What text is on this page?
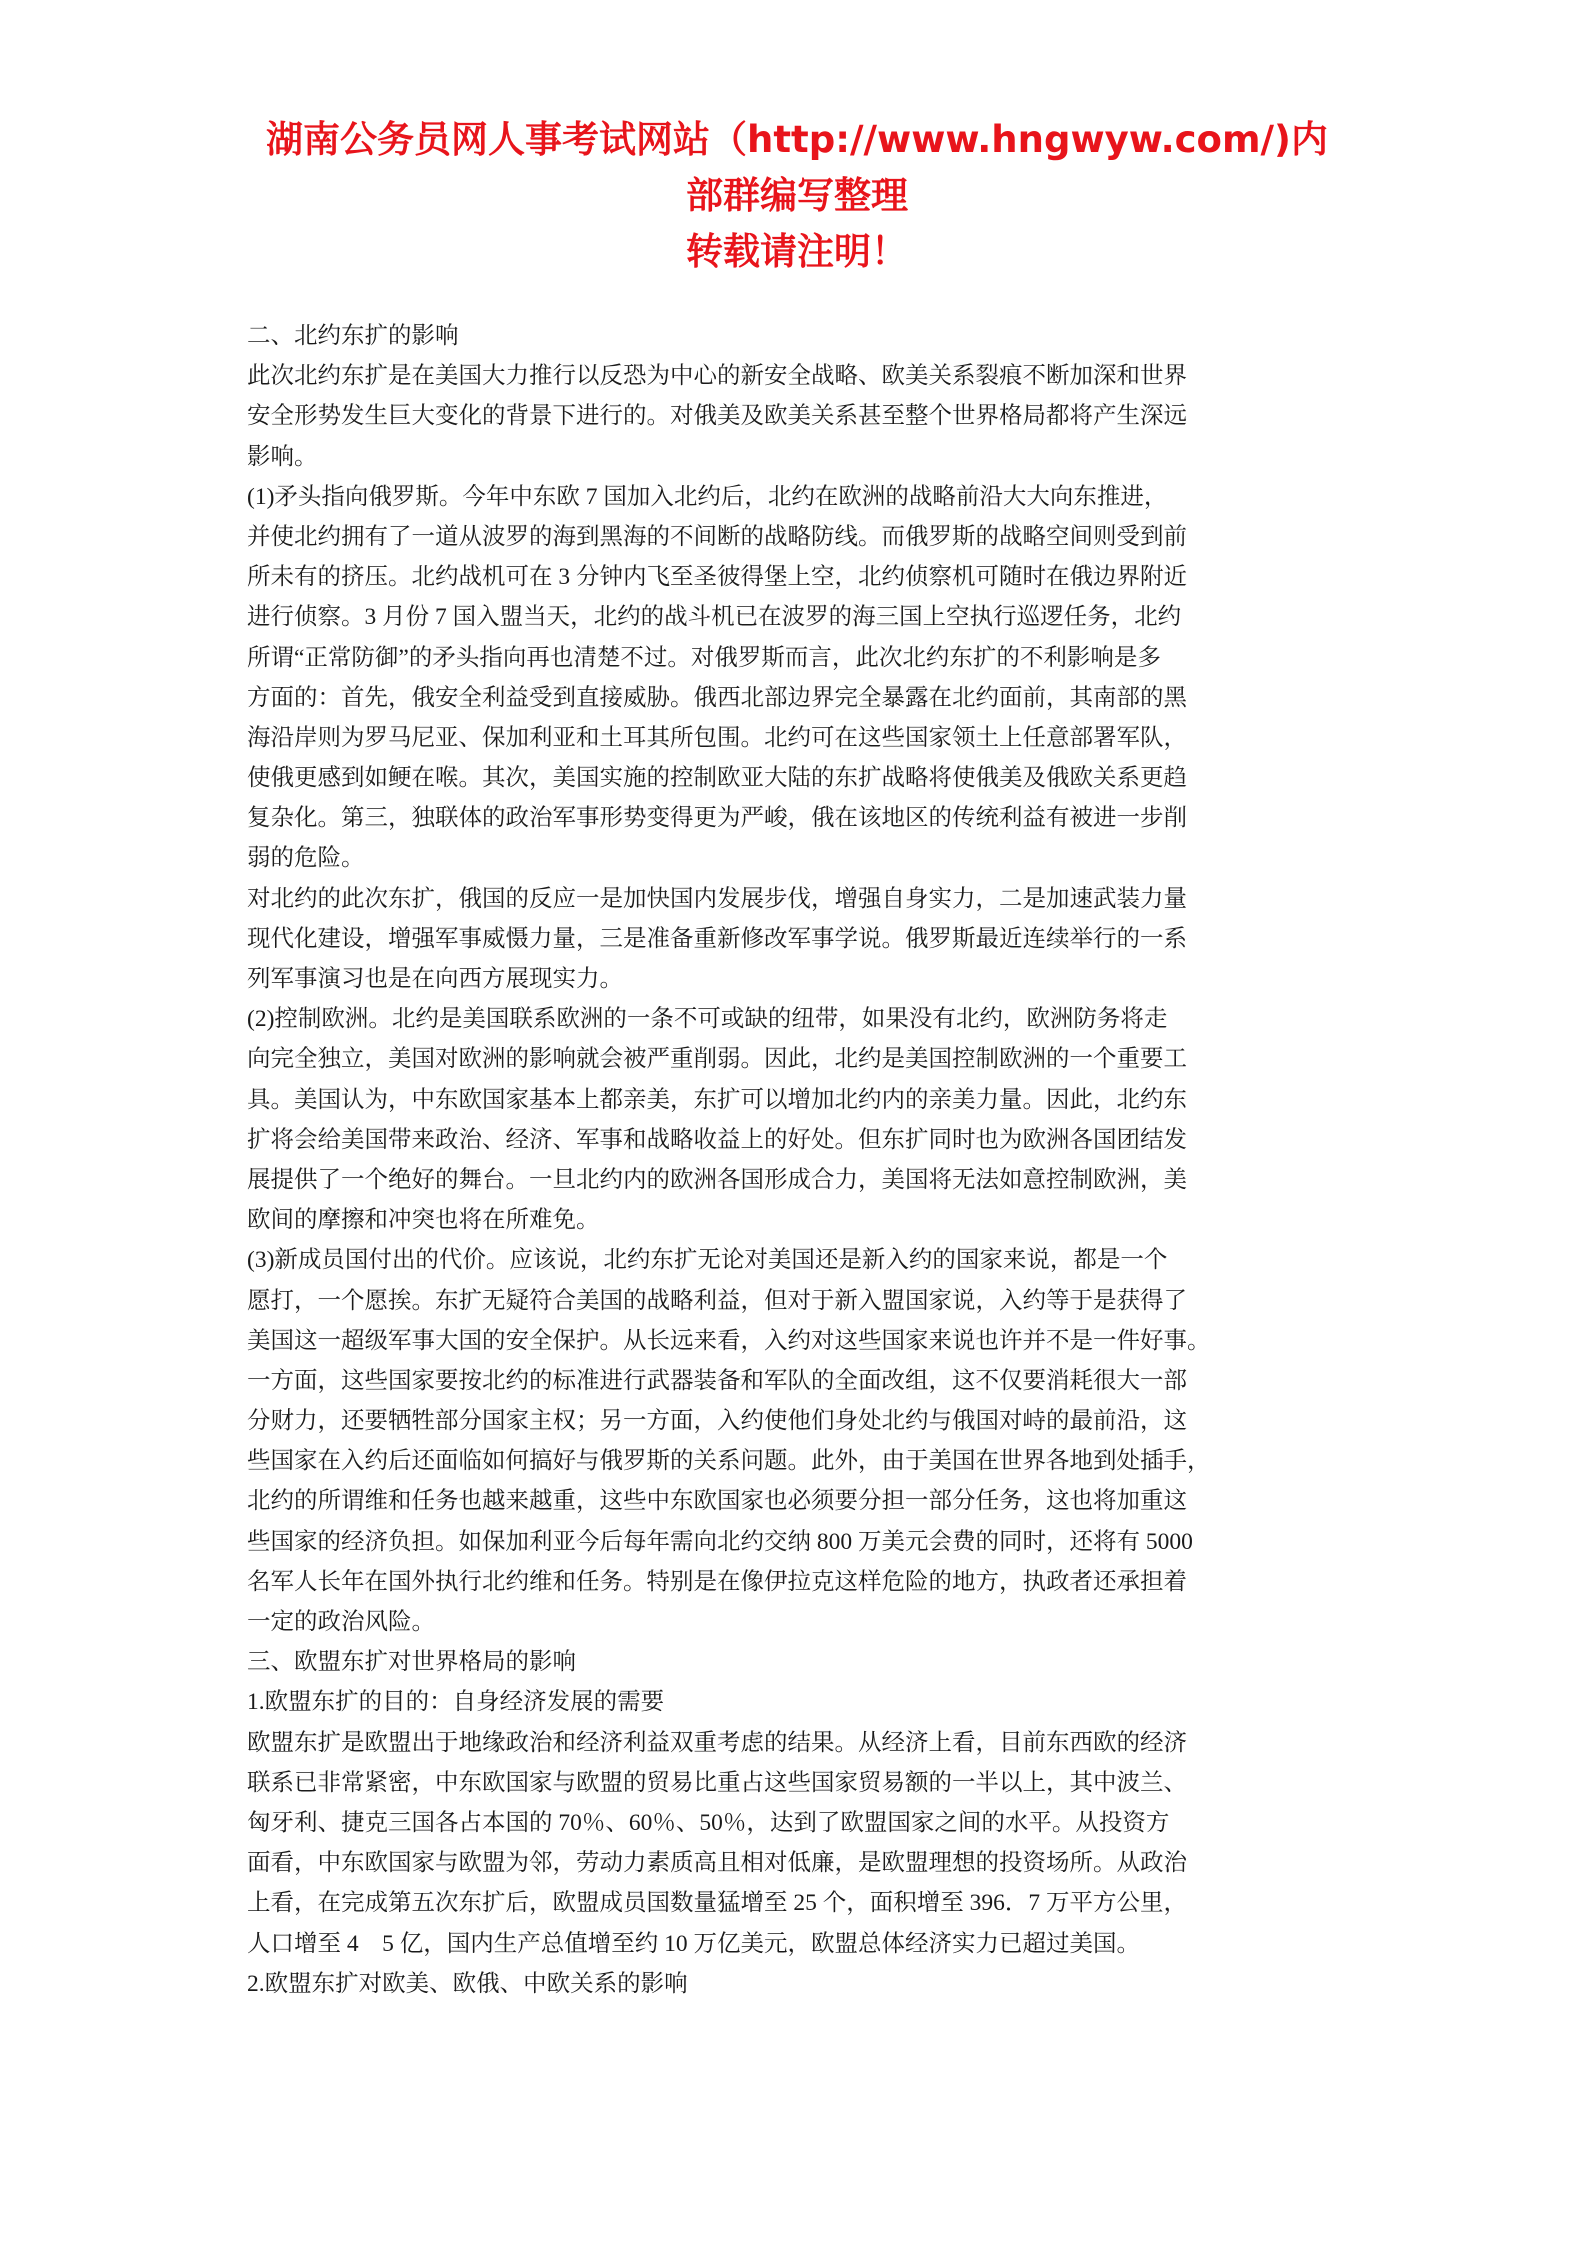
湖南公务员网人事考试网站（http://www.hngwyw.com/)内
部群编写整理
转载请注明！
二、北约东扩的影响
此次北约东扩是在美国大力推行以反恐为中心的新安全战略、欧美关系裂痕不断加深和世界
安全形势发生巨大变化的背景下进行的。对俄美及欧美关系甚至整个世界格局都将产生深远
影响。
(1)矛头指向俄罗斯。今年中东欧 7 国加入北约后，北约在欧洲的战略前沿大大向东推进，
并使北约拥有了一道从波罗的海到黑海的不间断的战略防线。而俄罗斯的战略空间则受到前
所未有的挤压。北约战机可在 3 分钟内飞至圣彼得堡上空，北约侦察机可随时在俄边界附近
进行侦察。3 月份 7 国入盟当天，北约的战斗机已在波罗的海三国上空执行巡逻任务，北约
所谓“正常防御”的矛头指向再也清楚不过。对俄罗斯而言，此次北约东扩的不利影响是多
方面的：首先，俄安全利益受到直接威胁。俄西北部边界完全暴露在北约面前，其南部的黑
海沿岸则为罗马尼亚、保加利亚和土耳其所包围。北约可在这些国家领土上任意部署军队，
使俄更感到如鲠在喉。其次，美国实施的控制欧亚大陆的东扩战略将使俄美及俄欧关系更趋
复杂化。第三，独联体的政治军事形势变得更为严峻，俄在该地区的传统利益有被进一步削
弱的危险。
对北约的此次东扩，俄国的反应一是加快国内发展步伐，增强自身实力，二是加速武装力量
现代化建设，增强军事威慑力量，三是准备重新修改军事学说。俄罗斯最近连续举行的一系
列军事演习也是在向西方展现实力。
(2)控制欧洲。北约是美国联系欧洲的一条不可或缺的纽带，如果没有北约，欧洲防务将走
向完全独立，美国对欧洲的影响就会被严重削弱。因此，北约是美国控制欧洲的一个重要工
具。美国认为，中东欧国家基本上都亲美，东扩可以增加北约内的亲美力量。因此，北约东
扩将会给美国带来政治、经济、军事和战略收益上的好处。但东扩同时也为欧洲各国团结发
展提供了一个绝好的舞台。一旦北约内的欧洲各国形成合力，美国将无法如意控制欧洲，美
欧间的摩擦和冲突也将在所难免。
(3)新成员国付出的代价。应该说，北约东扩无论对美国还是新入约的国家来说，都是一个
愿打，一个愿挨。东扩无疑符合美国的战略利益，但对于新入盟国家说，入约等于是获得了
美国这一超级军事大国的安全保护。从长远来看，入约对这些国家来说也许并不是一件好事。
一方面，这些国家要按北约的标准进行武器装备和军队的全面改组，这不仅要消耗很大一部
分财力，还要牺牲部分国家主权；另一方面，入约使他们身处北约与俄国对峙的最前沿，这
些国家在入约后还面临如何搞好与俄罗斯的关系问题。此外，由于美国在世界各地到处插手，
北约的所谓维和任务也越来越重，这些中东欧国家也必须要分担一部分任务，这也将加重这
些国家的经济负担。如保加利亚今后每年需向北约交纳 800 万美元会费的同时，还将有 5000
名军人长年在国外执行北约维和任务。特别是在像伊拉克这样危险的地方，执政者还承担着
一定的政治风险。
三、欧盟东扩对世界格局的影响
1.欧盟东扩的目的：自身经济发展的需要
欧盟东扩是欧盟出于地缘政治和经济利益双重考虑的结果。从经济上看，目前东西欧的经济
联系已非常紧密，中东欧国家与欧盟的贸易比重占这些国家贸易额的一半以上，其中波兰、
匈牙利、捷克三国各占本国的 70％、60％、50％，达到了欧盟国家之间的水平。从投资方
面看，中东欧国家与欧盟为邻，劳动力素质高且相对低廉，是欧盟理想的投资场所。从政治
上看，在完成第五次东扩后，欧盟成员国数量猛增至 25 个，面积增至 396．7 万平方公里，
人口增至 4　5 亿，国内生产总值增至约 10 万亿美元，欧盟总体经济实力已超过美国。
2.欧盟东扩对欧美、欧俄、中欧关系的影响
